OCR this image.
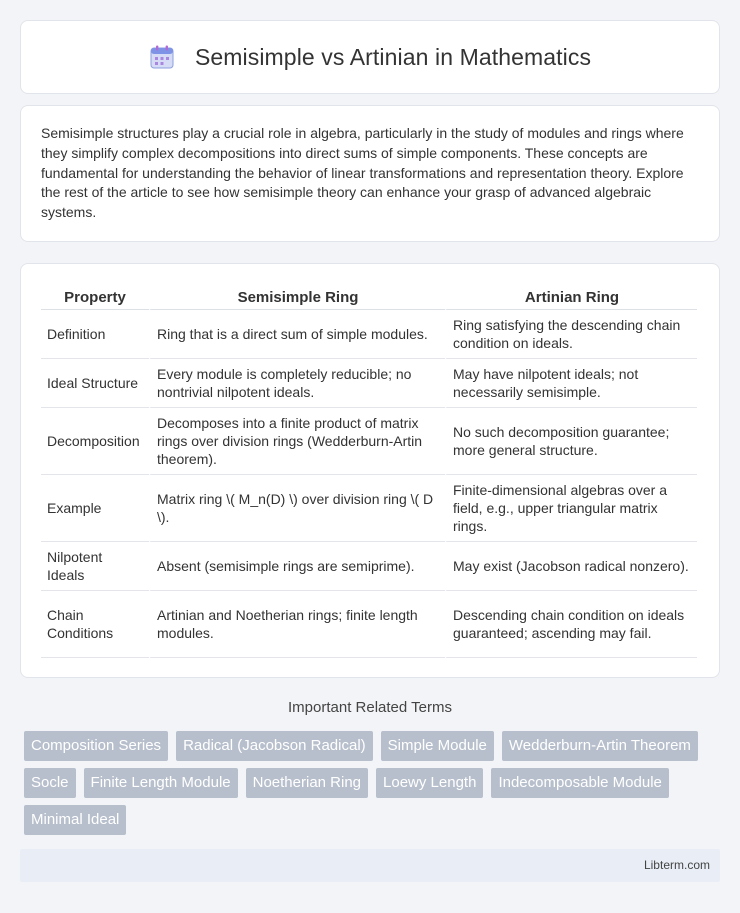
Semisimple vs Artinian in Mathematics

Semisimple structures play a crucial role in algebra, particularly in the study of modules and rings where they simplify complex decompositions into direct sums of simple components. These concepts are fundamental for understanding the behavior of linear transformations and representation theory. Explore the rest of the article to see how semisimple theory can enhance your grasp of advanced algebraic systems.

Property	Semisimple Ring	Artinian Ring
Definition	Ring that is a direct sum of simple modules.	Ring satisfying the descending chain condition on ideals.
Ideal Structure	Every module is completely reducible; no nontrivial nilpotent ideals.	May have nilpotent ideals; not necessarily semisimple.
Decomposition	Decomposes into a finite product of matrix rings over division rings (Wedderburn-Artin theorem).	No such decomposition guarantee; more general structure.
Example	Matrix ring \( M_n(D) \) over division ring \( D \).	Finite-dimensional algebras over a field, e.g., upper triangular matrix rings.
Nilpotent Ideals	Absent (semisimple rings are semiprime).	May exist (Jacobson radical nonzero).
Chain Conditions	Artinian and Noetherian rings; finite length modules.	Descending chain condition on ideals guaranteed; ascending may fail.
Important Related Terms
Composition Series	Radical (Jacobson Radical)	Simple Module	Wedderburn-Artin Theorem
Socle	Finite Length Module	Noetherian Ring	Loewy Length	Indecomposable Module
Minimal Ideal
Libterm.com
